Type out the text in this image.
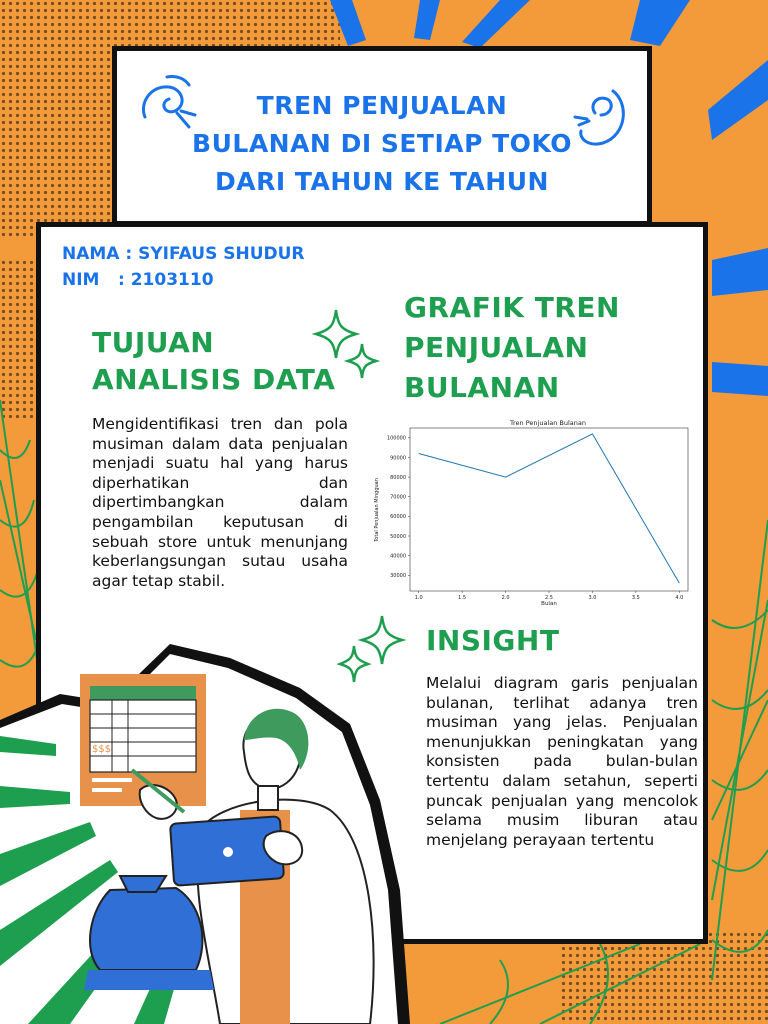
TREN PENJUALAN
BULANAN DI SETIAP TOKO
DARI TAHUN KE TAHUN
NAMA : SYIFAUS SHUDUR
NIM : 2103110
TUJUAN
ANALISIS DATA
GRAFIK TREN
PENJUALAN
BULANAN
Mengidentifikasi tren dan pola musiman dalam data penjualan menjadi suatu hal yang harus diperhatikan dan dipertimbangkan dalam pengambilan keputusan di sebuah store untuk menunjang keberlangsungan sutau usaha agar tetap stabil.
Tren Penjualan Bulanan
1.0	1.5	2.0	2.5	3.0	3.5	4.0
30000
40000
50000
60000
70000
80000
90000
100000
Bulan
Total Penjualan Mingguan
INSIGHT
Melalui diagram garis penjualan bulanan, terlihat adanya tren musiman yang jelas. Penjualan menunjukkan peningkatan yang konsisten pada bulan-bulan tertentu dalam setahun, seperti puncak penjualan yang mencolok selama musim liburan atau menjelang perayaan tertentu
$$$
